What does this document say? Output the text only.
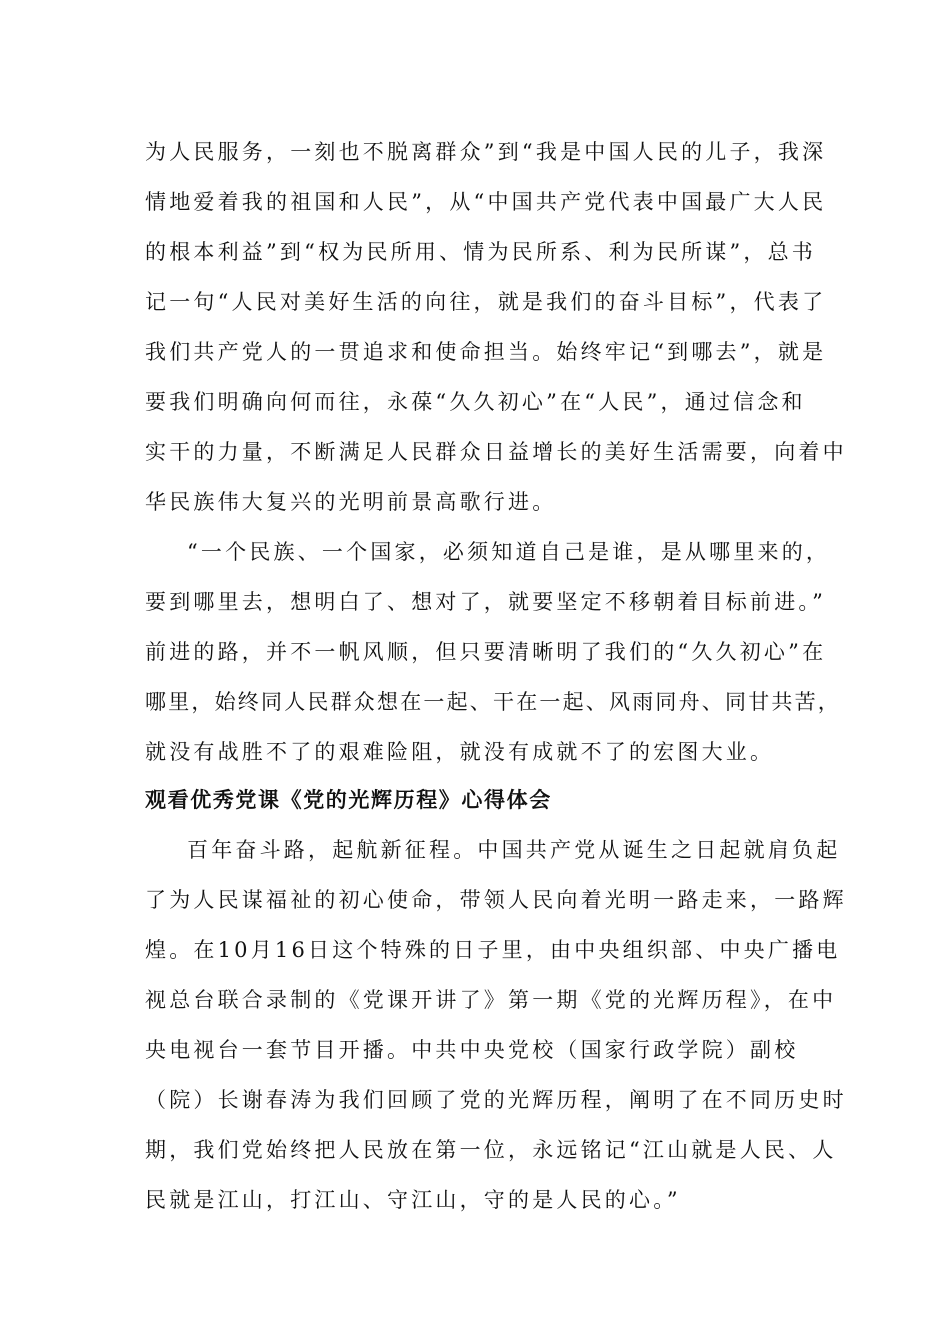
为人民服务，一刻也不脱离群众”到“我是中国人民的儿子，我深
情地爱着我的祖国和人民”，从“中国共产党代表中国最广大人民
的根本利益”到“权为民所用、情为民所系、利为民所谋”，总书
记一句“人民对美好生活的向往，就是我们的奋斗目标”，代表了
我们共产党人的一贯追求和使命担当。始终牢记“到哪去”，就是
要我们明确向何而往，永葆“久久初心”在“人民”，通过信念和
实干的力量，不断满足人民群众日益增长的美好生活需要，向着中
华民族伟大复兴的光明前景高歌行进。
“一个民族、一个国家，必须知道自己是谁，是从哪里来的，
要到哪里去，想明白了、想对了，就要坚定不移朝着目标前进。”
前进的路，并不一帆风顺，但只要清晰明了我们的“久久初心”在
哪里，始终同人民群众想在一起、干在一起、风雨同舟、同甘共苦，
就没有战胜不了的艰难险阻，就没有成就不了的宏图大业。
观看优秀党课《党的光辉历程》心得体会
百年奋斗路，起航新征程。中国共产党从诞生之日起就肩负起
了为人民谋福祉的初心使命，带领人民向着光明一路走来，一路辉
煌。在10月16日这个特殊的日子里，由中央组织部、中央广播电
视总台联合录制的《党课开讲了》第一期《党的光辉历程》，在中
央电视台一套节目开播。中共中央党校（国家行政学院）副校
（院）长谢春涛为我们回顾了党的光辉历程，阐明了在不同历史时
期，我们党始终把人民放在第一位，永远铭记“江山就是人民、人
民就是江山，打江山、守江山，守的是人民的心。”
